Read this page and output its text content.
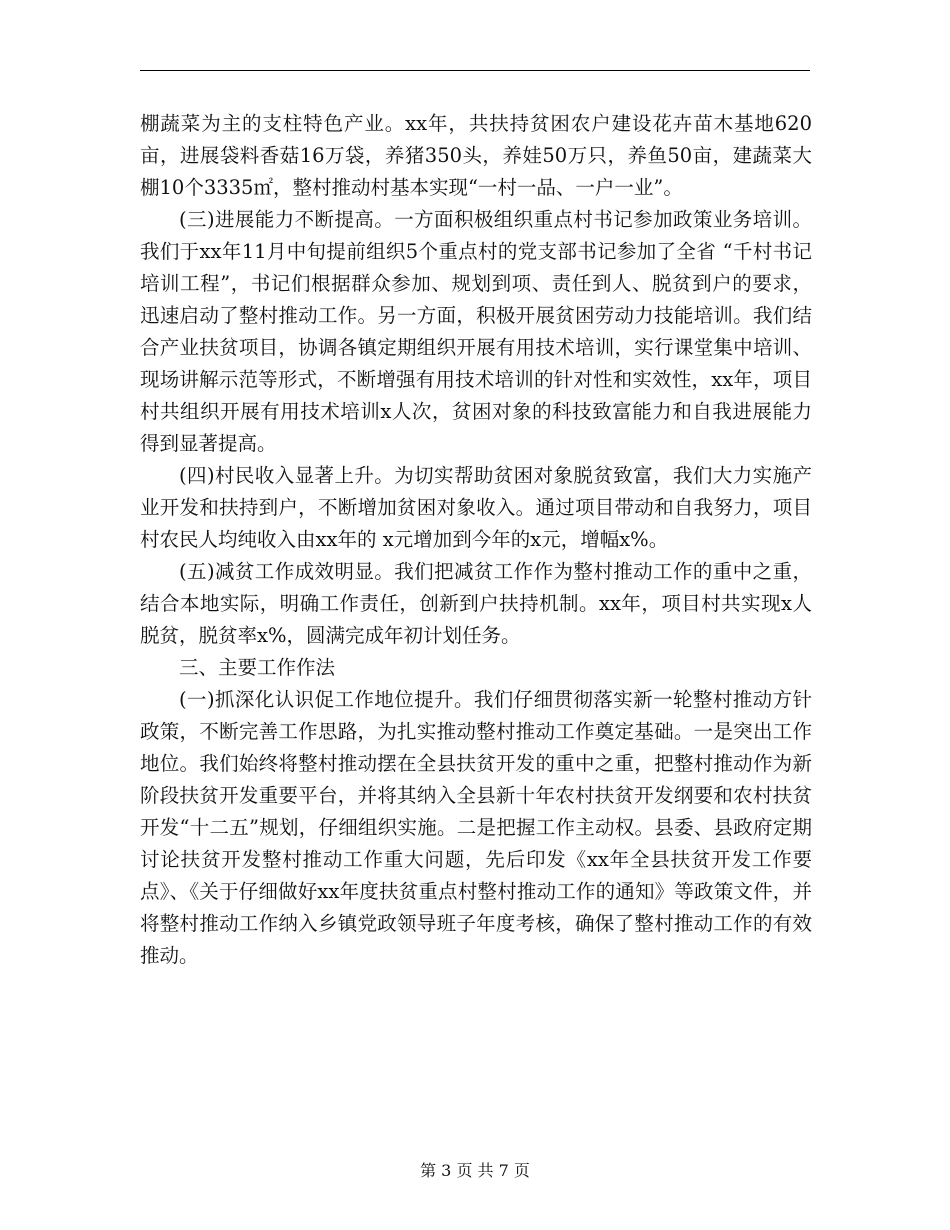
棚蔬菜为主的支柱特色产业。xx年，共扶持贫困农户建设花卉苗木基地620亩，进展袋料香菇16万袋，养猪350头，养娃50万只，养鱼50亩，建蔬菜大棚10个3335㎡，整村推动村基本实现“一村一品、一户一业”。

(三)进展能力不断提高。一方面积极组织重点村书记参加政策业务培训。我们于xx年11月中旬提前组织5个重点村的党支部书记参加了全省 “千村书记培训工程”，书记们根据群众参加、规划到项、责任到人、脱贫到户的要求，迅速启动了整村推动工作。另一方面，积极开展贫困劳动力技能培训。我们结合产业扶贫项目，协调各镇定期组织开展有用技术培训，实行课堂集中培训、现场讲解示范等形式，不断增强有用技术培训的针对性和实效性，xx年，项目村共组织开展有用技术培训x人次，贫困对象的科技致富能力和自我进展能力得到显著提高。

(四)村民收入显著上升。为切实帮助贫困对象脱贫致富，我们大力实施产业开发和扶持到户，不断增加贫困对象收入。通过项目带动和自我努力，项目村农民人均纯收入由xx年的 x元增加到今年的x元，增幅x%。

(五)减贫工作成效明显。我们把减贫工作作为整村推动工作的重中之重，结合本地实际，明确工作责任，创新到户扶持机制。xx年，项目村共实现x人脱贫，脱贫率x%，圆满完成年初计划任务。

三、主要工作作法

(一)抓深化认识促工作地位提升。我们仔细贯彻落实新一轮整村推动方针政策，不断完善工作思路，为扎实推动整村推动工作奠定基础。一是突出工作地位。我们始终将整村推动摆在全县扶贫开发的重中之重，把整村推动作为新阶段扶贫开发重要平台，并将其纳入全县新十年农村扶贫开发纲要和农村扶贫开发“十二五”规划，仔细组织实施。二是把握工作主动权。县委、县政府定期讨论扶贫开发整村推动工作重大问题，先后印发《xx年全县扶贫开发工作要点》、《关于仔细做好xx年度扶贫重点村整村推动工作的通知》等政策文件，并将整村推动工作纳入乡镇党政领导班子年度考核，确保了整村推动工作的有效推动。

第 3 页 共 7 页
